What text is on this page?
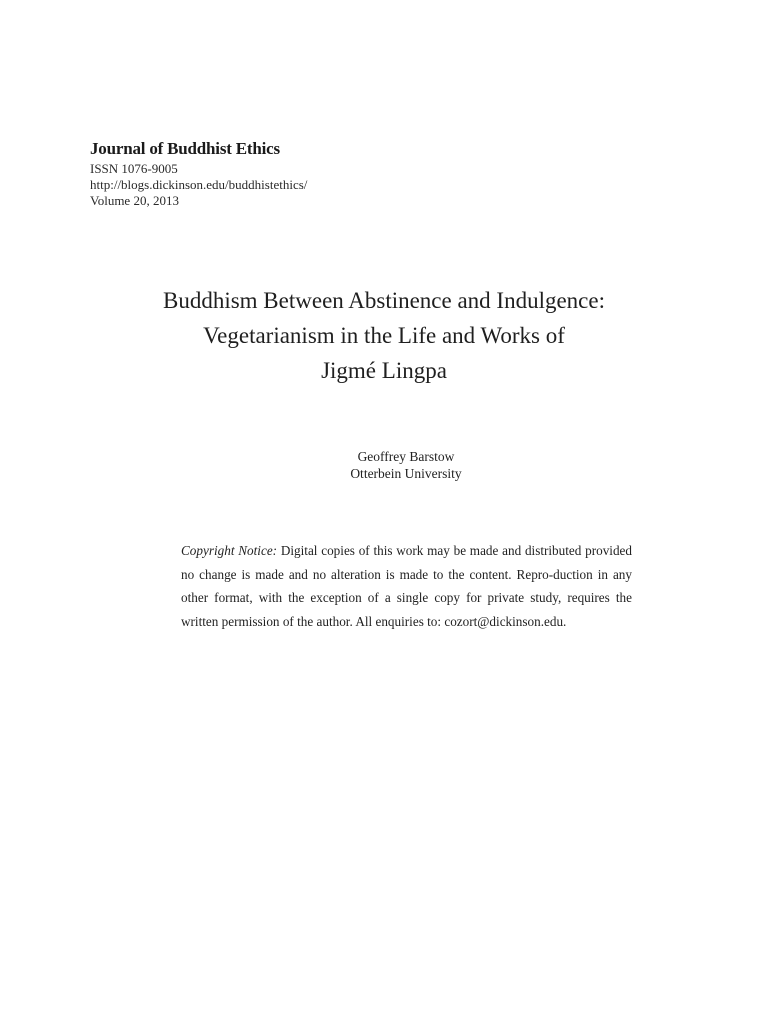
Journal of Buddhist Ethics
ISSN 1076-9005
http://blogs.dickinson.edu/buddhistethics/
Volume 20, 2013
Buddhism Between Abstinence and Indulgence:
Vegetarianism in the Life and Works of
Jigmé Lingpa
Geoffrey Barstow
Otterbein University

Copyright Notice: Digital copies of this work may be made and distributed provided no change is made and no alteration is made to the content. Repro-duction in any other format, with the exception of a single copy for private study, requires the written permission of the author. All enquiries to: cozort@dickinson.edu.
